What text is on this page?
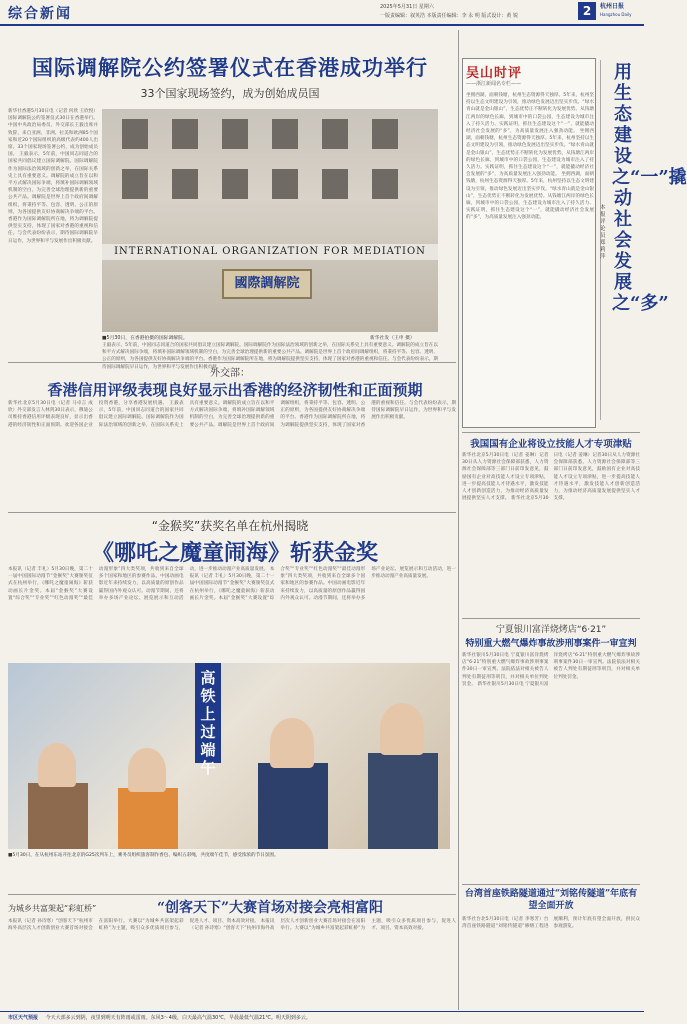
综合新闻	2025年5月31日 星期六
一版责编辑：叙英浩 本版责任编辑：李 永 明 版式设计：黄 锐	2	杭州日报
Hangzhou Daily
国际调解院公约签署仪式在香港成功举行
33个国家现场签约，成为创始成员国
新华社香港5月30日电（记者 何欣 王欣悦）国际调解院公约签署仪式30日在香港举行。中国中央政治局委员、外交部长王毅出席并致辞，来自亚洲、非洲、拉美和欧洲85个国家和近20个国际组织的高级代表约400人出席。33个国家现场签署公约，成为创始成员国。 王毅表示，5年前，中国同志同道合的国家共同倡议建立国际调解院。国际调解院作为国际法治领域的创新之举，在国际关系史上具有重要意义。调解院的成立旨在以和平方式解决国际争端，将填补国际调解领域机制的空白，为完善全球治理提供新的重要公共产品。调解院是世界上首个政府间调解组织，将秉持平等、包容、透明、公正的原则，为各国提供友好协商解决争端的平台。香港作为国际调解院所在地，将为调解院提供坚实支持，体现了国家对香港的重视和信任。与会代表纷纷表示，期待国际调解院早日运作，为世界和平与发展作出积极贡献。
INTERNATIONAL ORGANIZATION FOR MEDIATION
國際調解院
■5月30日，在香港拍摄的国际调解院。	新华社发（王申 摄）
王毅表示，5年前，中国同志同道合的国家共同倡议建立国际调解院。国际调解院作为国际法治领域的创新之举，在国际关系史上具有重要意义。调解院的成立旨在以和平方式解决国际争端，将填补国际调解领域机制的空白，为完善全球治理提供新的重要公共产品。调解院是世界上首个政府间调解组织，将秉持平等、包容、透明、公正的原则，为各国提供友好协商解决争端的平台。香港作为国际调解院所在地，将为调解院提供坚实支持，体现了国家对香港的重视和信任。与会代表纷纷表示，期待国际调解院早日运作，为世界和平与发展作出积极贡献。
外交部：
香港信用评级表现良好显示出香港的经济韧性和正面预期
新华社北京5月30日电（记者 马卓言 成欣）外交部发言人林剑30日表示，穆迪公司维持香港信用评级表现良好，显示出香港的经济韧性和正面预期。欢迎各国企业投资香港，分享香港发展机遇。 王毅表示，5年前，中国同志同道合的国家共同倡议建立国际调解院。国际调解院作为国际法治领域的创新之举，在国际关系史上具有重要意义。调解院的成立旨在以和平方式解决国际争端，将填补国际调解领域机制的空白，为完善全球治理提供新的重要公共产品。调解院是世界上首个政府间调解组织，将秉持平等、包容、透明、公正的原则，为各国提供友好协商解决争端的平台。香港作为国际调解院所在地，将为调解院提供坚实支持，体现了国家对香港的重视和信任。与会代表纷纷表示，期待国际调解院早日运作，为世界和平与发展作出积极贡献。
“金猴奖”获奖名单在杭州揭晓
《哪吒之魔童闹海》斩获金奖
本报讯（记者 丰礼）5月30日晚，第二十一届中国国际动漫节“金猴奖”大赛颁奖仪式在杭州举行，《哪吒之魔童闹海》斩获动画长片金奖。本届“金猴奖”大赛设置“综合奖”“专业奖”“红色动漫奖”“最佳动漫形象”四大类奖项，共收到来自全球多个国家和地区的参赛作品。中国动画电影近年来持续发力，以高质量的原创作品赢得国内外观众认可。动漫节期间，还将举办多场产业论坛、展览展示和互动活动，进一步推动动漫产业高质量发展。 本报讯（记者 丰礼）5月30日晚，第二十一届中国国际动漫节“金猴奖”大赛颁奖仪式在杭州举行，《哪吒之魔童闹海》斩获动画长片金奖。本届“金猴奖”大赛设置“综合奖”“专业奖”“红色动漫奖”“最佳动漫形象”四大类奖项，共收到来自全球多个国家和地区的参赛作品。中国动画电影近年来持续发力，以高质量的原创作品赢得国内外观众认可。动漫节期间，还将举办多场产业论坛、展览展示和互动活动，进一步推动动漫产业高质量发展。
高铁上过端午
■5月30日，在从杭州东站开往北京的G25次列车上，乘务员组织旅客制作香包、编织五彩绳，共度端午佳节，感受浓浓的节日氛围。
为城乡共富架起“彩虹桥”	“创客天下”大赛首场对接会亮相富阳
本报讯（记者 孙诗寒）“创客天下”杭州市海外高层次人才创新创业大赛首场对接会在富阳举行。大赛以“为城乡共富架起彩虹桥”为主题，吸引众多优质项目参与，促进人才、项目、资本高效对接。 本报讯（记者 孙诗寒）“创客天下”杭州市海外高层次人才创新创业大赛首场对接会在富阳举行。大赛以“为城乡共富架起彩虹桥”为主题，吸引众多优质项目参与，促进人才、项目、资本高效对接。
吴山时评
——浙江新闻名专栏——
坐拥西湖，面朝钱塘，杭州生态资源得天独厚。5年来，杭州坚持以生态文明建设为引领，推动绿色发展迈出坚实步伐。“绿水青山就是金山银山”，生态优势正不断转化为发展优势。从钱塘江两岸的绿色长廊，到城市中的口袋公园，生态建设为城市注入了持久活力。实践证明，抓住生态建设这个“一”，就能撬动经济社会发展的“多”，为高质量发展注入强劲动能。 坐拥西湖，面朝钱塘，杭州生态资源得天独厚。5年来，杭州坚持以生态文明建设为引领，推动绿色发展迈出坚实步伐。“绿水青山就是金山银山”，生态优势正不断转化为发展优势。从钱塘江两岸的绿色长廊，到城市中的口袋公园，生态建设为城市注入了持久活力。实践证明，抓住生态建设这个“一”，就能撬动经济社会发展的“多”，为高质量发展注入强劲动能。 坐拥西湖，面朝钱塘，杭州生态资源得天独厚。5年来，杭州坚持以生态文明建设为引领，推动绿色发展迈出坚实步伐。“绿水青山就是金山银山”，生态优势正不断转化为发展优势。从钱塘江两岸的绿色长廊，到城市中的口袋公园，生态建设为城市注入了持久活力。实践证明，抓住生态建设这个“一”，就能撬动经济社会发展的“多”，为高质量发展注入强劲动能。
用生态建设之“一”撬动社会发展之“多”
本报评论员 郑莉萍
我国国有企业将设立技能人才专项津贴
新华社北京5月30日电（记者 姜琳）记者30日从人力资源社会保障部获悉，人力资源社会保障部等三部门日前印发意见，鼓励国有企业对高技能人才设立专项津贴，进一步提高技能人才待遇水平，激发技能人才创新创造活力，为推动经济高质量发展提供坚实人才支撑。 新华社北京5月30日电（记者 姜琳）记者30日从人力资源社会保障部获悉，人力资源社会保障部等三部门日前印发意见，鼓励国有企业对高技能人才设立专项津贴，进一步提高技能人才待遇水平，激发技能人才创新创造活力，为推动经济高质量发展提供坚实人才支撑。
宁夏银川富洋烧烤店“6·21”
特别重大燃气爆炸事故涉刑事案件一审宣判
新华社银川5月30日电 宁夏银川富洋烧烤店“6·21”特别重大燃气爆炸事故涉刑事案件30日一审宣判。法院依法对相关被告人判处有期徒刑等刑罚，并对相关单位判处罚金。 新华社银川5月30日电 宁夏银川富洋烧烤店“6·21”特别重大燃气爆炸事故涉刑事案件30日一审宣判。法院依法对相关被告人判处有期徒刑等刑罚，并对相关单位判处罚金。
台湾首座铁路隧道通过“刘铭传隧道”年底有望全面开放
新华社台北5月30日电（记者 李寒芳）台湾首座铁路隧道“刘铭传隧道”修缮工程进展顺利，预计年底有望全面开放，供民众参观游览。
市区天气预报 今天大部多云到阴，夜里到明天有阵雨或雷雨。东风3～4级，白天最高气温30℃，早晨最低气温21℃。明天阴到多云。
